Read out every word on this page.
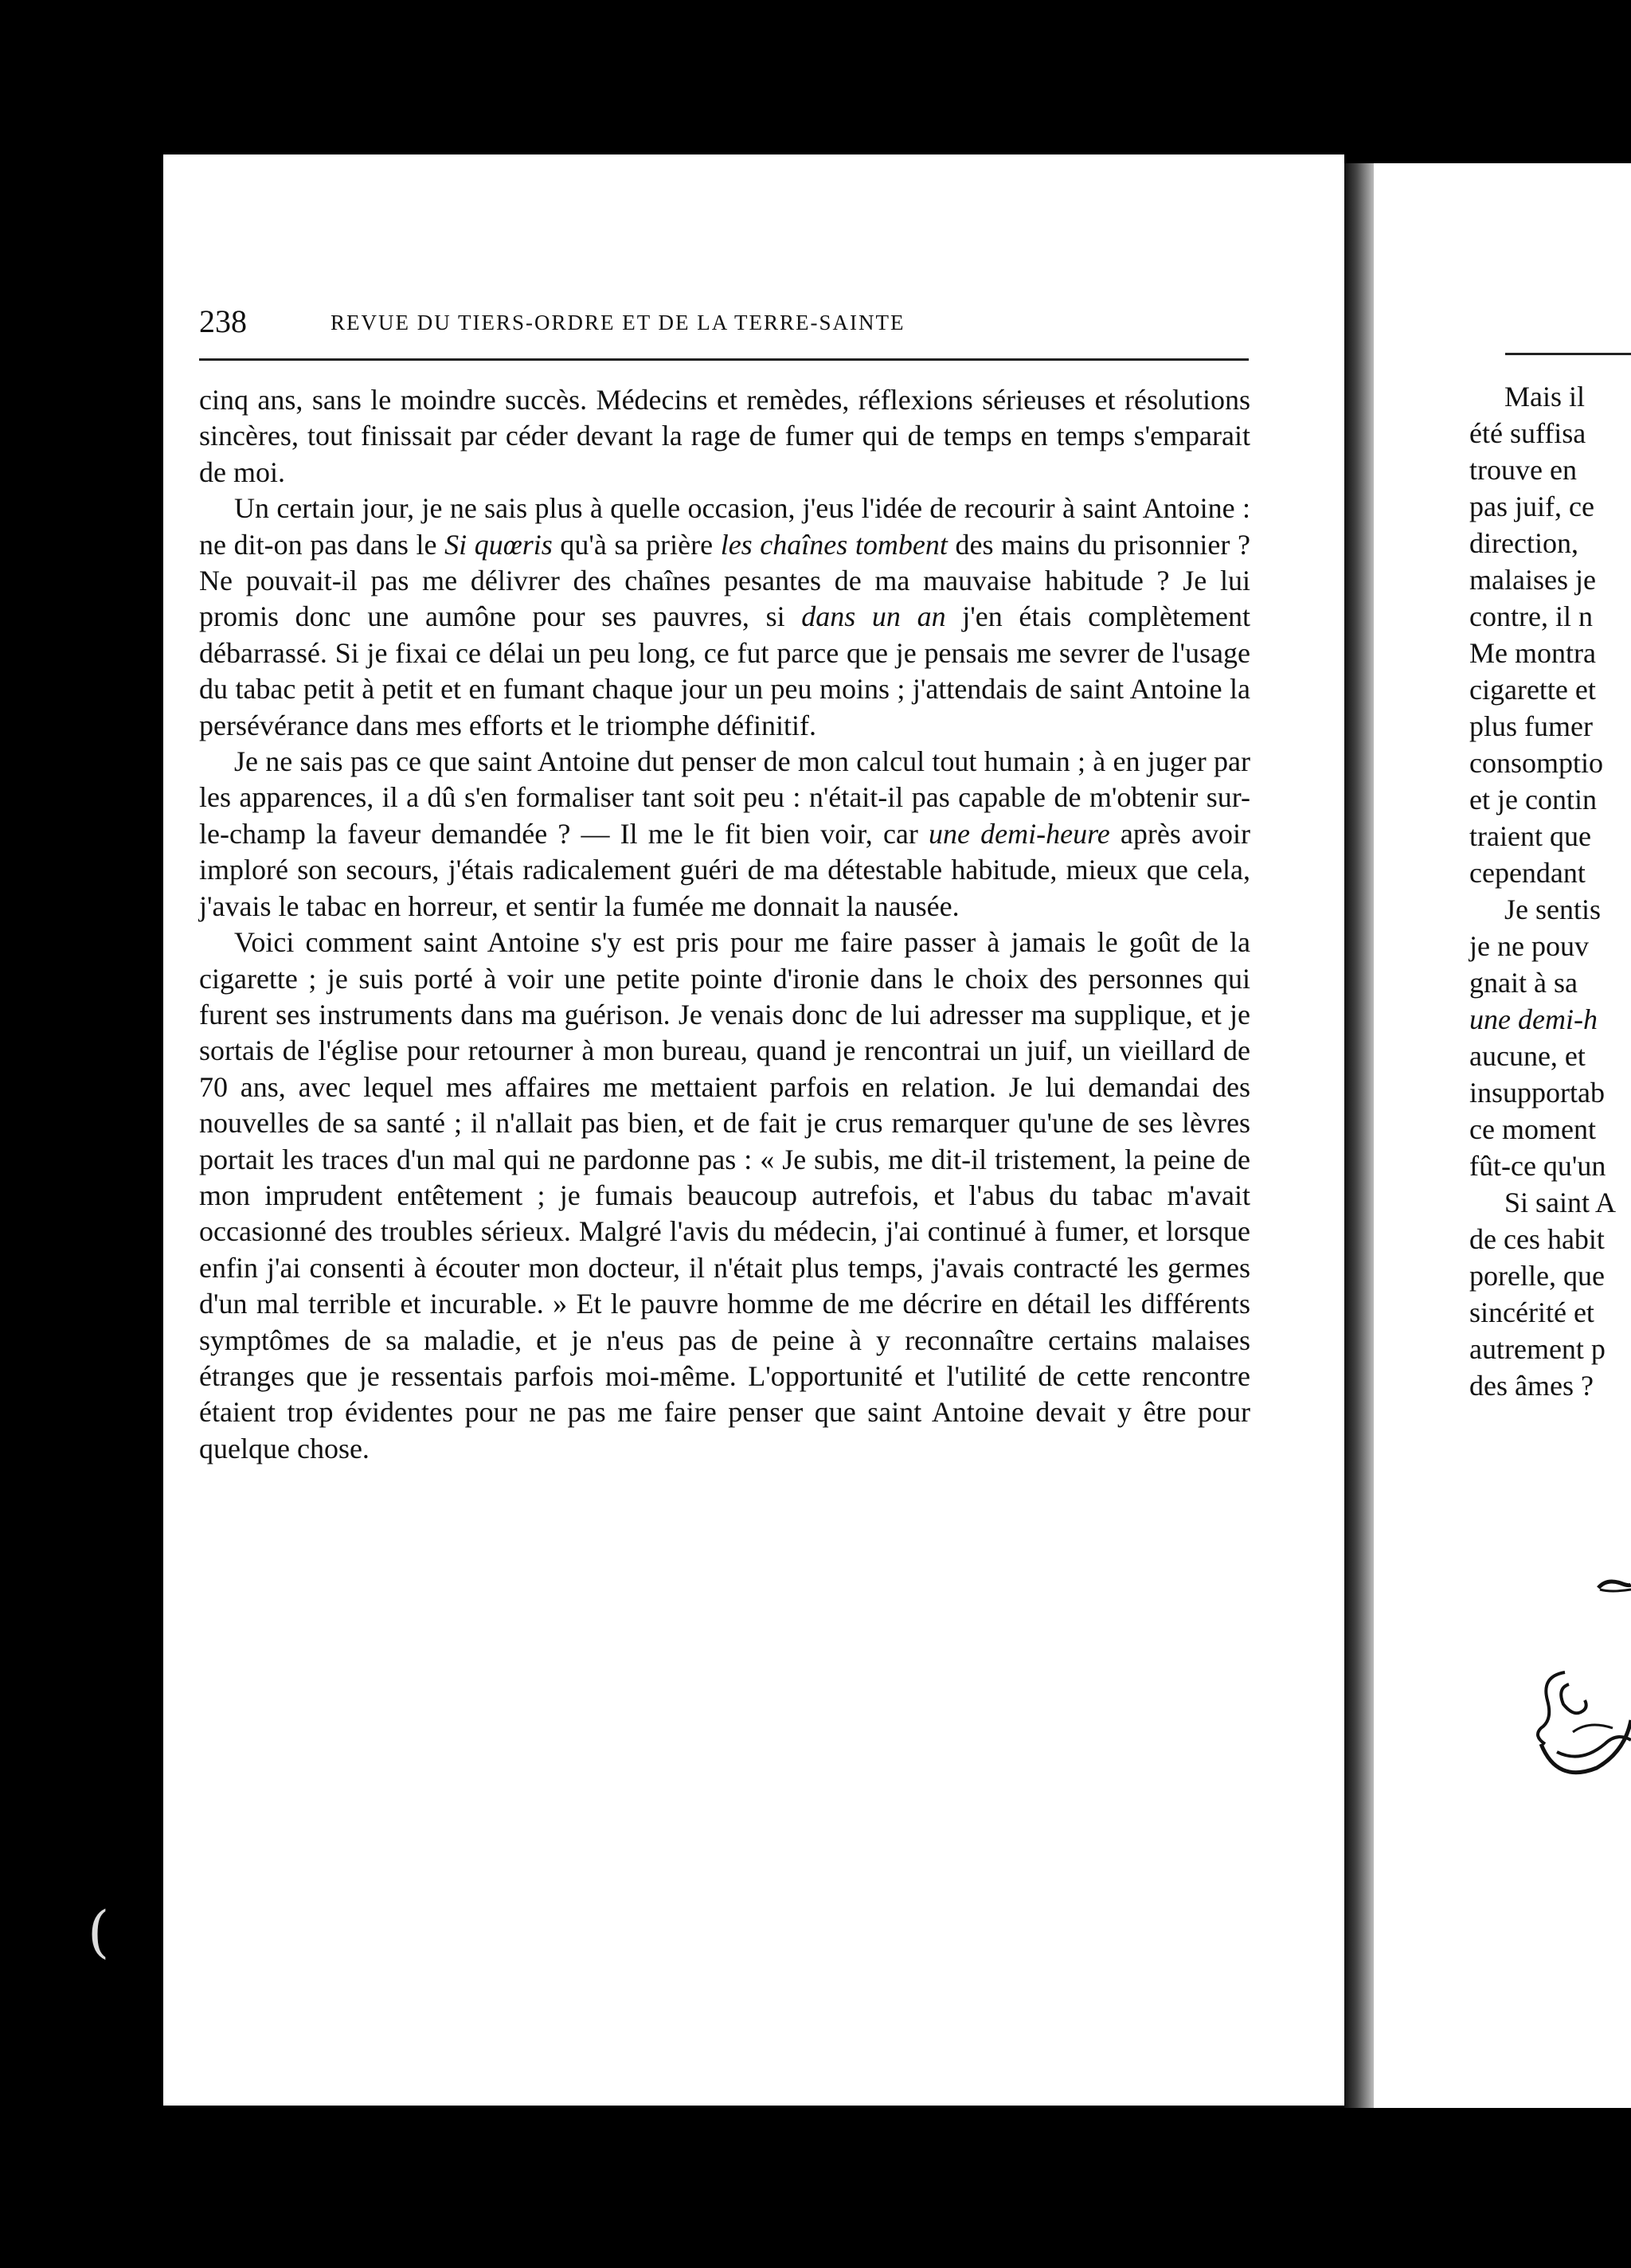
238	REVUE DU TIERS-ORDRE ET DE LA TERRE-SAINTE

cinq ans, sans le moindre succès. Médecins et remèdes, réflexions sérieuses et résolutions sincères, tout finissait par céder devant la rage de fumer qui de temps en temps s'emparait de moi.

Un certain jour, je ne sais plus à quelle occasion, j'eus l'idée de recourir à saint Antoine : ne dit-on pas dans le Si quœris qu'à sa prière les chaînes tombent des mains du prisonnier ? Ne pouvait-il pas me délivrer des chaînes pesantes de ma mauvaise habitude ? Je lui promis donc une aumône pour ses pauvres, si dans un an j'en étais complètement débarrassé. Si je fixai ce délai un peu long, ce fut parce que je pensais me sevrer de l'usage du tabac petit à petit et en fumant chaque jour un peu moins ; j'attendais de saint Antoine la persévérance dans mes efforts et le triomphe définitif.

Je ne sais pas ce que saint Antoine dut penser de mon calcul tout humain ; à en juger par les apparences, il a dû s'en formaliser tant soit peu : n'était-il pas capable de m'obtenir sur-le-champ la faveur demandée ? — Il me le fit bien voir, car une demi-heure après avoir imploré son secours, j'étais radicalement guéri de ma détestable habitude, mieux que cela, j'avais le tabac en horreur, et sentir la fumée me donnait la nausée.

Voici comment saint Antoine s'y est pris pour me faire passer à jamais le goût de la cigarette ; je suis porté à voir une petite pointe d'ironie dans le choix des personnes qui furent ses instruments dans ma guérison. Je venais donc de lui adresser ma supplique, et je sortais de l'église pour retourner à mon bureau, quand je rencontrai un juif, un vieillard de 70 ans, avec lequel mes affaires me mettaient parfois en relation. Je lui demandai des nouvelles de sa santé ; il n'allait pas bien, et de fait je crus remarquer qu'une de ses lèvres portait les traces d'un mal qui ne pardonne pas : « Je subis, me dit-il tristement, la peine de mon imprudent entêtement ; je fumais beaucoup autrefois, et l'abus du tabac m'avait occasionné des troubles sérieux. Malgré l'avis du médecin, j'ai continué à fumer, et lorsque enfin j'ai consenti à écouter mon docteur, il n'était plus temps, j'avais contracté les germes d'un mal terrible et incurable. » Et le pauvre homme de me décrire en détail les différents symptômes de sa maladie, et je n'eus pas de peine à y reconnaître certains malaises étranges que je ressentais parfois moi-même. L'opportunité et l'utilité de cette rencontre étaient trop évidentes pour ne pas me faire penser que saint Antoine devait y être pour quelque chose.

Mais il
été suffisa
trouve en
pas juif, ce
direction,
malaises je
contre, il n
Me montra
cigarette et
plus fumer
consomptio
et je contin
traient que
cependant
Je sentis
je ne pouv
gnait à sa
une demi-h
aucune, et
insupportab
ce moment
fût-ce qu'un
Si saint A
de ces habit
porelle, que
sincérité et
autrement p
des âmes ?
(
